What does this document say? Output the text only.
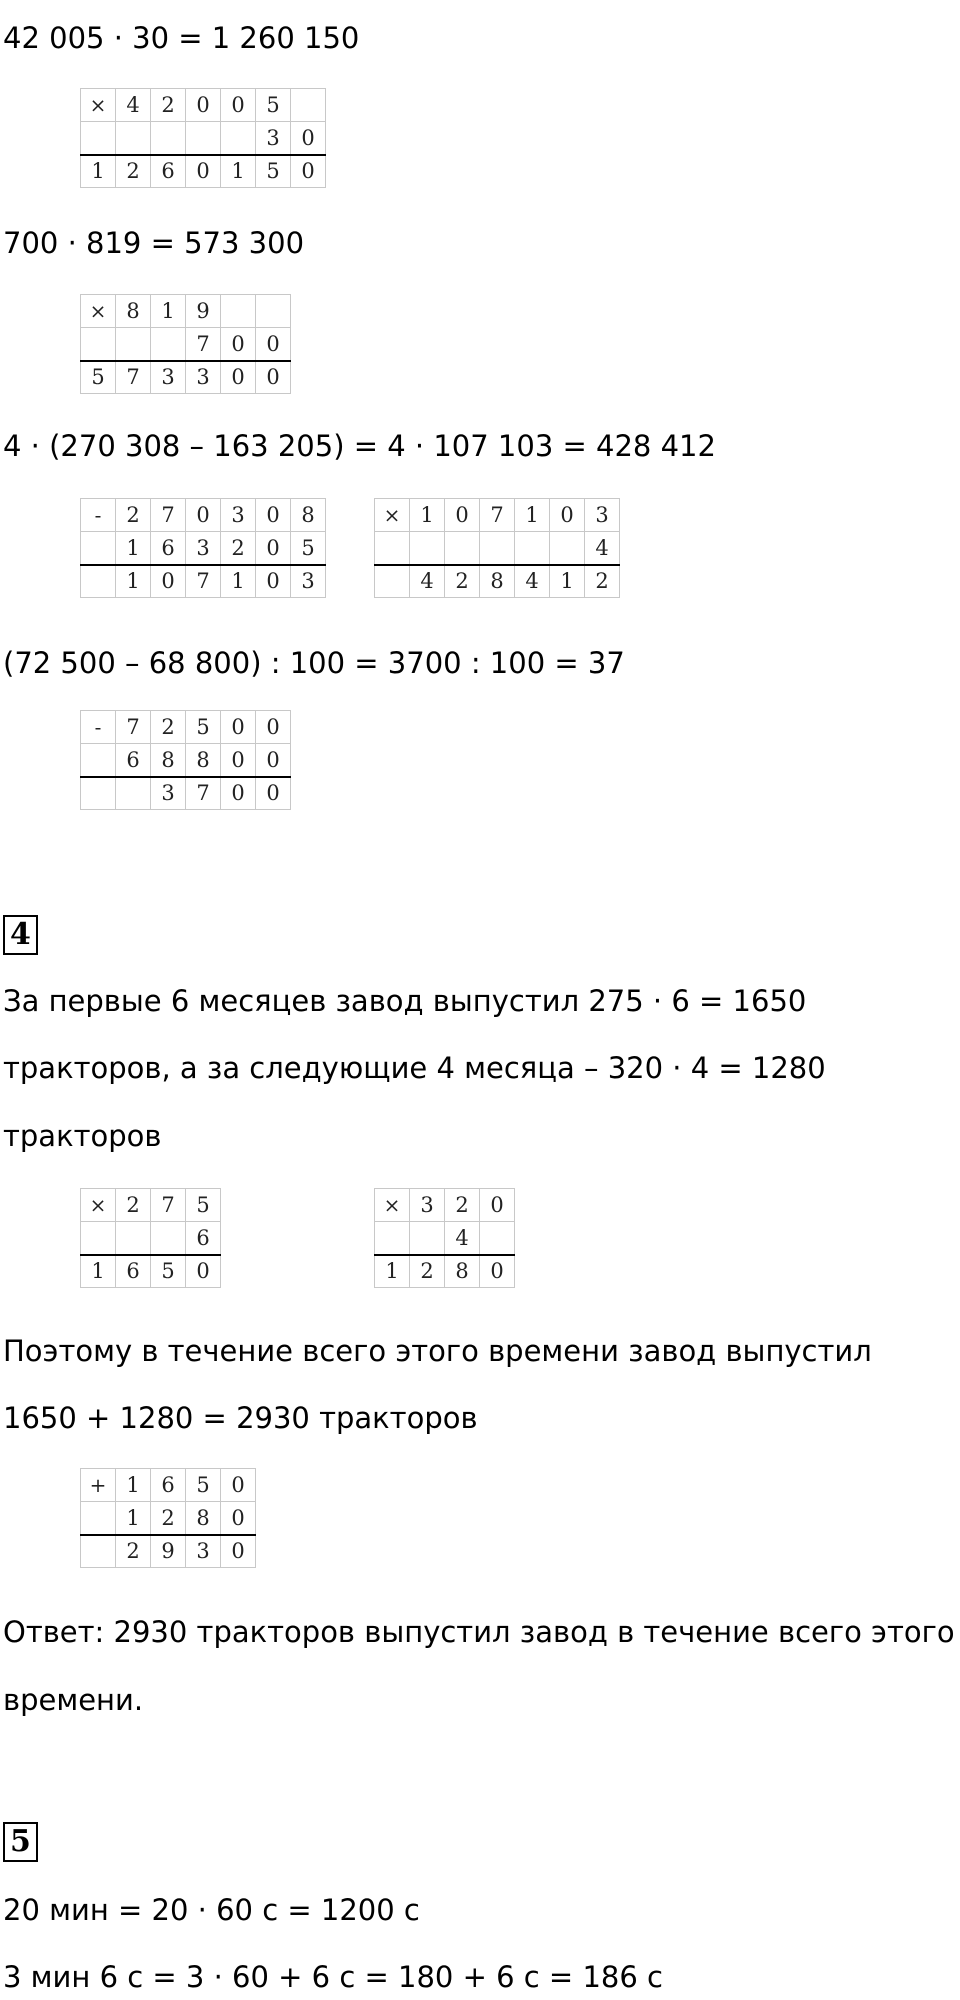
42 005 · 30 = 1 260 150
×	4	2	0	0	5	
					3	0
1	2	6	0	1	5	0
700 · 819 = 573 300
×	8	1	9		
			7	0	0
5	7	3	3	0	0
4 · (270 308 – 163 205) = 4 · 107 103 = 428 412
-	2	7	0	3	0	8
	1	6	3	2	0	5
	1	0	7	1	0	3
×	1	0	7	1	0	3
						4
	4	2	8	4	1	2
(72 500 – 68 800) : 100 = 3700 : 100 = 37
-	7	2	5	0	0
	6	8	8	0	0
		3	7	0	0
4
За первые 6 месяцев завод выпустил 275 · 6 = 1650
тракторов, а за следующие 4 месяца – 320 · 4 = 1280
тракторов
×	2	7	5
			6
1	6	5	0
×	3	2	0
		4	
1	2	8	0
Поэтому в течение всего этого времени завод выпустил
1650 + 1280 = 2930 тракторов
+	1	6	5	0
	1	2	8	0
	2	9	3	0
Ответ: 2930 тракторов выпустил завод в течение всего этого
времени.
5
20 мин = 20 · 60 с = 1200 с
3 мин 6 с = 3 · 60 + 6 с = 180 + 6 с = 186 с
